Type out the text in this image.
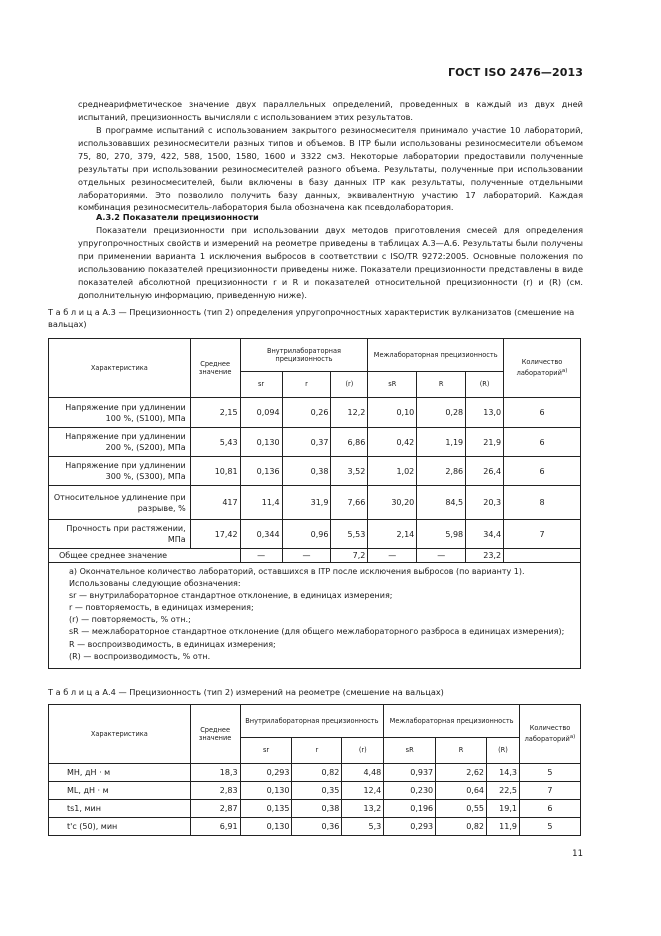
ГОСТ ISO 2476—2013
среднеарифметическое значение двух параллельных определений, проведенных в каждый из двух дней испытаний, прецизионность вычисляли с использованием этих результатов.
В программе испытаний с использованием закрытого резиносмесителя принимало участие 10 лабораторий, использовавших резиносмесители разных типов и объемов. В ITP были использованы резиносмесители объемом 75, 80, 270, 379, 422, 588, 1500, 1580, 1600 и 3322 см3. Некоторые лаборатории предоставили полученные результаты при использовании резиносмесителей разного объема. Результаты, полученные при использовании отдельных резиносмесителей, были включены в базу данных ITP как результаты, полученные отдельными лабораториями. Это позволило получить базу данных, эквивалентную участию 17 лабораторий. Каждая комбинация резиносмеситель-лаборатория была обозначена как псевдолаборатория.
А.3.2 Показатели прецизионности
Показатели прецизионности при использовании двух методов приготовления смесей для определения упругопрочностных свойств и измерений на реометре приведены в таблицах А.3—А.6. Результаты были получены при применении варианта 1 исключения выбросов в соответствии с ISO/TR 9272:2005. Основные положения по использованию показателей прецизионности приведены ниже. Показатели прецизионности представлены в виде показателей абсолютной прецизионности r и R и показателей относительной прецизионности (r) и (R) (см. дополнительную информацию, приведенную ниже).
Т а б л и ц а А.3 — Прецизионность (тип 2) определения упругопрочностных характеристик вулканизатов (смешение на вальцах)
Характеристика	Среднее значение	Внутрилабораторная прецизионность			Межлабораторная прецизионность			Количество лабораторий$^{а)}$
		sr	r	(r)	sR	R	(R)	
Напряжение при удлинении 100 %, (S100), МПа	2,15	0,094	0,26	12,2	0,10	0,28	13,0	6
Напряжение при удлинении 200 %, (S200), МПа	5,43	0,130	0,37	6,86	0,42	1,19	21,9	6
Напряжение при удлинении 300 %, (S300), МПа	10,81	0,136	0,38	3,52	1,02	2,86	26,4	6
Относительное удлинение при разрыве, %	417	11,4	31,9	7,66	30,20	84,5	20,3	8
Прочность при растяжении, МПа	17,42	0,344	0,96	5,53	2,14	5,98	34,4	7
Общее среднее значение		—	—	7,2	—	—	23,2	
а) Окончательное количество лабораторий, оставшихся в ITP после исключения выбросов (по варианту 1).
Использованы следующие обозначения:
sr — внутрилабораторное стандартное отклонение, в единицах измерения;
r — повторяемость, в единицах измерения;
(r) — повторяемость, % отн.;
sR — межлабораторное стандартное отклонение (для общего межлабораторного разброса в единицах измерения);
R — воспроизводимость, в единицах измерения;
(R) — воспроизводимость, % отн.
Т а б л и ц а А.4 — Прецизионность (тип 2) измерений на реометре (смешение на вальцах)
Характеристика	Среднее значение	Внутрилабораторная прецизионность			Межлабораторная прецизионность			Количество лабораторий$^{а)}$
		sr	r	(r)	sR	R	(R)	
MH, дН · м	18,3	0,293	0,82	4,48	0,937	2,62	14,3	5
ML, дН · м	2,83	0,130	0,35	12,4	0,230	0,64	22,5	7
ts1, мин	2,87	0,135	0,38	13,2	0,196	0,55	19,1	6
t'c (50), мин	6,91	0,130	0,36	5,3	0,293	0,82	11,9	5
11
